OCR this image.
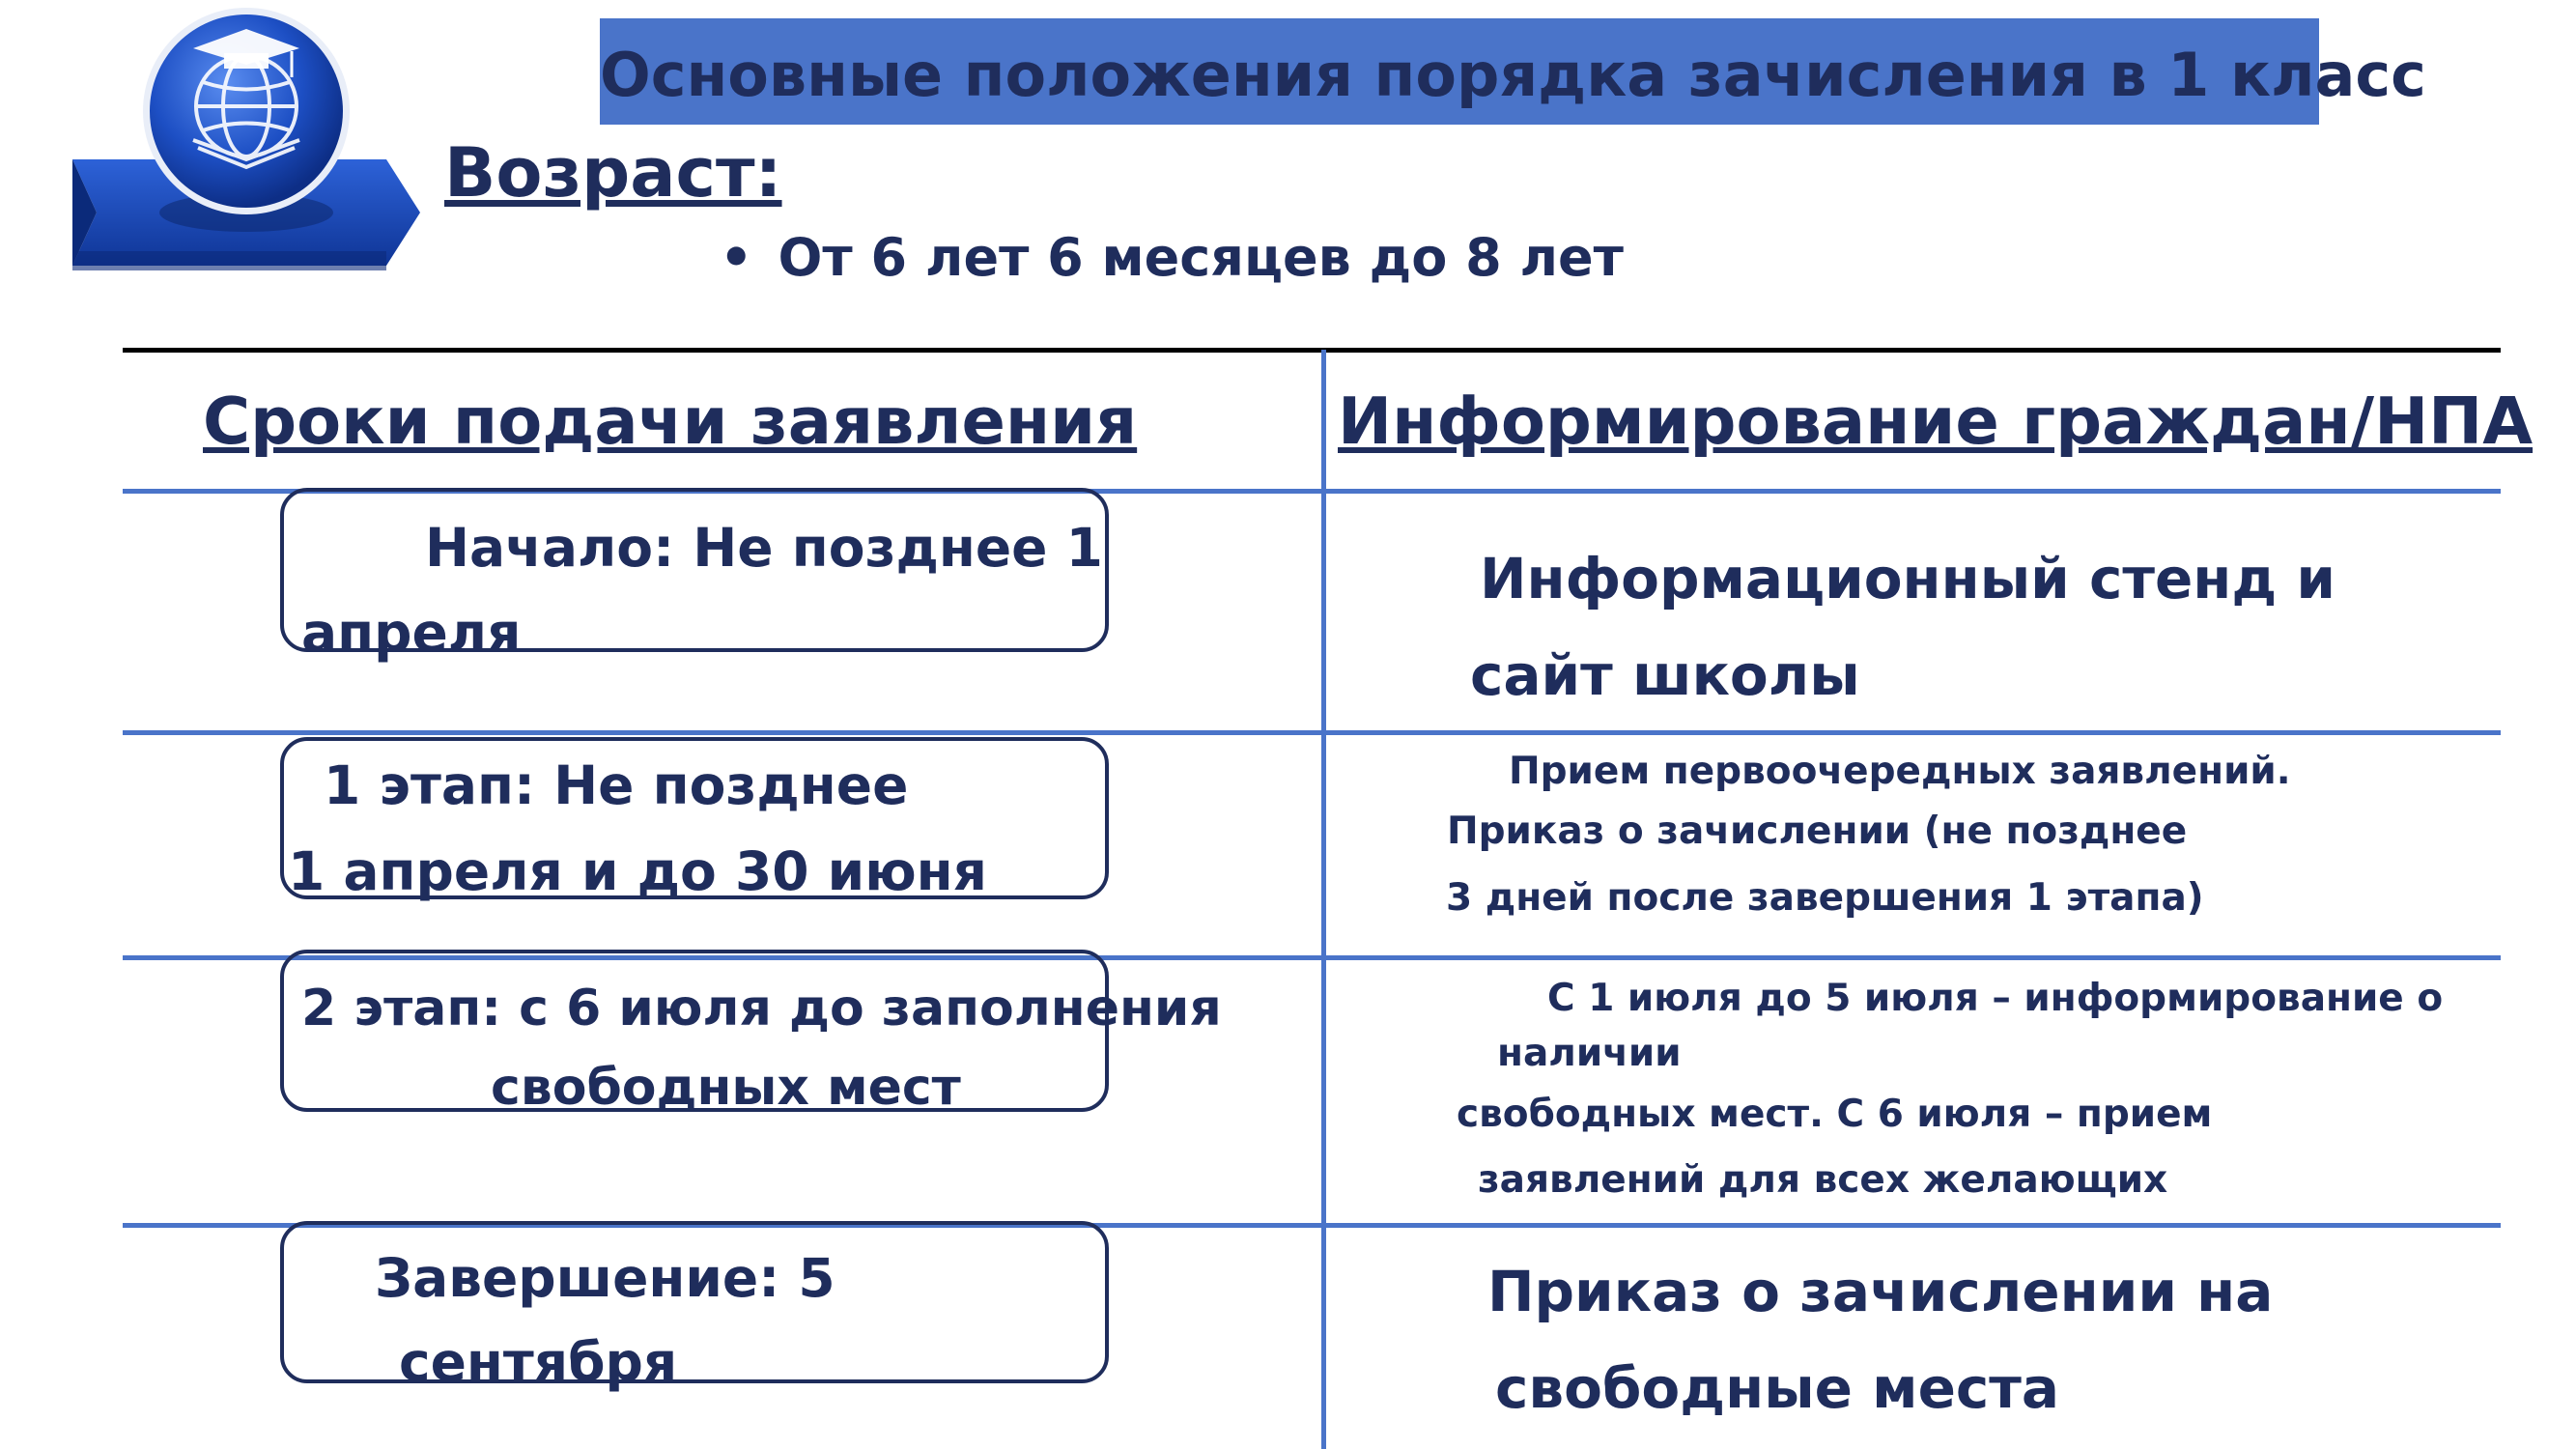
Основные положения порядка зачисления в 1 класс
Возраст:
• От 6 лет 6 месяцев до 8 лет
Сроки подачи заявления	Информирование граждан/НПА
Начало: Не позднее 1
апреля
1 этап: Не позднее
1 апреля и до 30 июня
2 этап: с 6 июля до заполнения
свободных мест
Завершение: 5
сентября
Информационный стенд и
сайт школы
Прием первоочередных заявлений.
Приказ о зачислении (не позднее
3 дней после завершения 1 этапа)
С 1 июля до 5 июля – информирование о
наличии
свободных мест. С 6 июля – прием
заявлений для всех желающих
Приказ о зачислении на
свободные места
